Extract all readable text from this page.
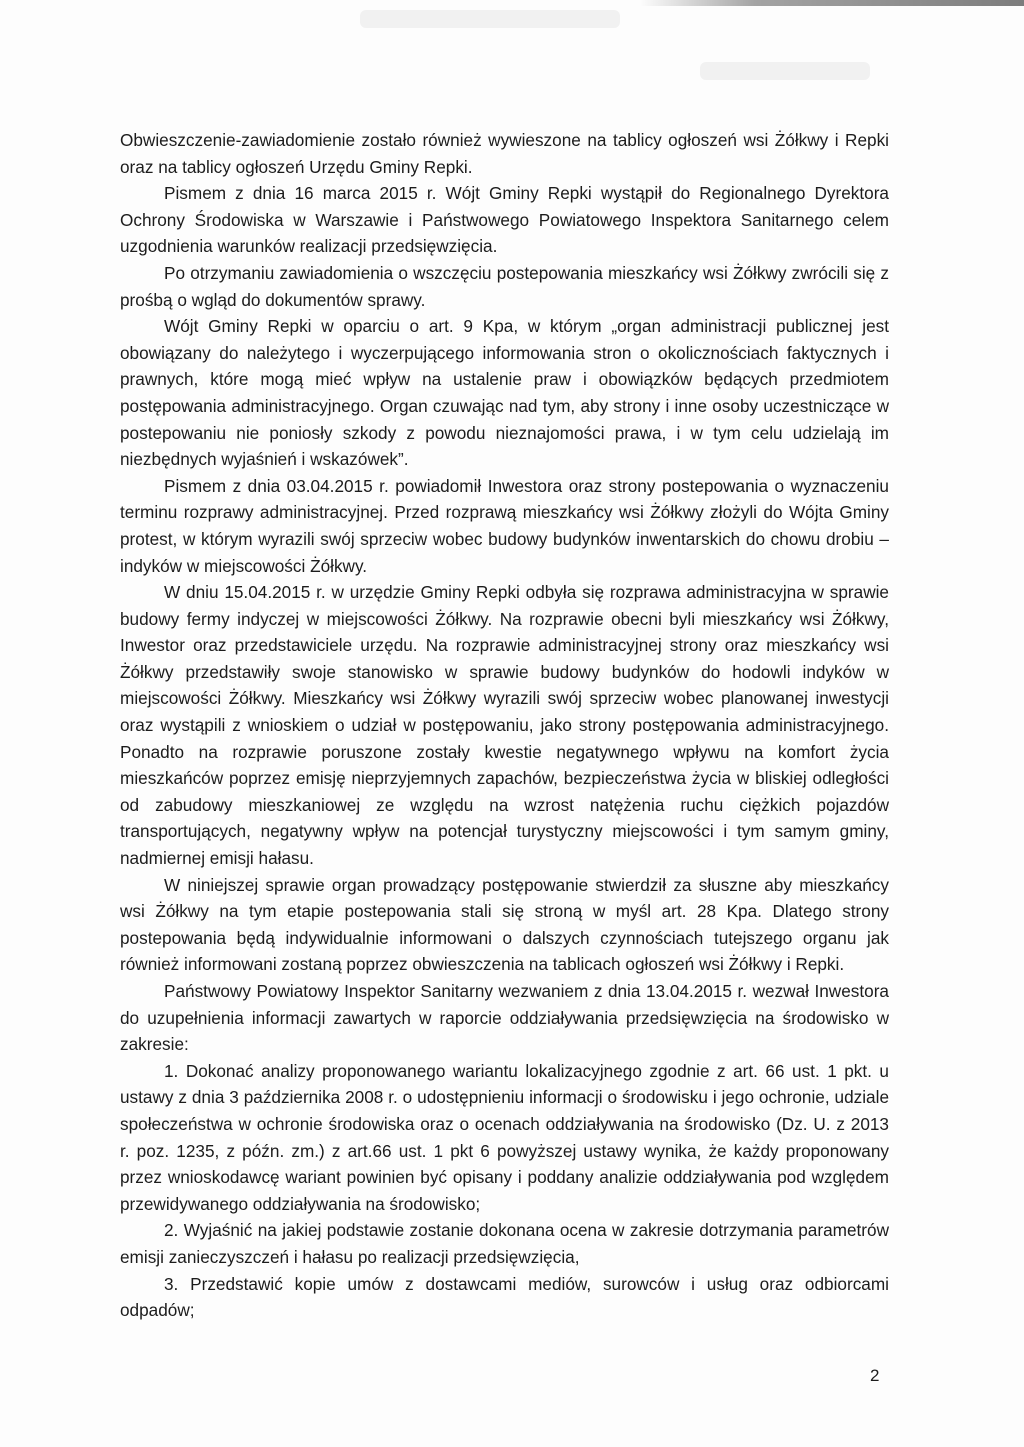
Obwieszczenie-zawiadomienie zostało również wywieszone na tablicy ogłoszeń wsi Żółkwy i Repki oraz na tablicy ogłoszeń Urzędu Gminy Repki.

Pismem z dnia 16 marca 2015 r. Wójt Gminy Repki wystąpił do Regionalnego Dyrektora Ochrony Środowiska w Warszawie i Państwowego Powiatowego Inspektora Sanitarnego celem uzgodnienia warunków realizacji przedsięwzięcia.

Po otrzymaniu zawiadomienia o wszczęciu postepowania mieszkańcy wsi Żółkwy zwrócili się z prośbą o wgląd do dokumentów sprawy.

Wójt Gminy Repki w oparciu o art. 9 Kpa, w którym „organ administracji publicznej jest obowiązany do należytego i wyczerpującego informowania stron o okolicznościach faktycznych i prawnych, które mogą mieć wpływ na ustalenie praw i obowiązków będących przedmiotem postępowania administracyjnego. Organ czuwając nad tym, aby strony i inne osoby uczestniczące w postepowaniu nie poniosły szkody z powodu nieznajomości prawa, i w tym celu udzielają im niezbędnych wyjaśnień i wskazówek”.

Pismem z dnia 03.04.2015 r. powiadomił Inwestora oraz strony postepowania o wyznaczeniu terminu rozprawy administracyjnej. Przed rozprawą mieszkańcy wsi Żółkwy złożyli do Wójta Gminy protest, w którym wyrazili swój sprzeciw wobec budowy budynków inwentarskich do chowu drobiu – indyków w miejscowości Żółkwy.

W dniu 15.04.2015 r. w urzędzie Gminy Repki odbyła się rozprawa administracyjna w sprawie budowy fermy indyczej w miejscowości Żółkwy. Na rozprawie obecni byli mieszkańcy wsi Żółkwy, Inwestor oraz przedstawiciele urzędu. Na rozprawie administracyjnej strony oraz mieszkańcy wsi Żółkwy przedstawiły swoje stanowisko w sprawie budowy budynków do hodowli indyków w miejscowości Żółkwy. Mieszkańcy wsi Żółkwy wyrazili swój sprzeciw wobec planowanej inwestycji oraz wystąpili z wnioskiem o udział w postępowaniu, jako strony postępowania administracyjnego. Ponadto na rozprawie poruszone zostały kwestie negatywnego wpływu na komfort życia mieszkańców poprzez emisję nieprzyjemnych zapachów, bezpieczeństwa życia w bliskiej odległości od zabudowy mieszkaniowej ze względu na wzrost natężenia ruchu ciężkich pojazdów transportujących, negatywny wpływ na potencjał turystyczny miejscowości i tym samym gminy, nadmiernej emisji hałasu.

W niniejszej sprawie organ prowadzący postępowanie stwierdził za słuszne aby mieszkańcy wsi Żółkwy na tym etapie postepowania stali się stroną w myśl art. 28 Kpa. Dlatego strony postepowania będą indywidualnie informowani o dalszych czynnościach tutejszego organu jak również informowani zostaną poprzez obwieszczenia na tablicach ogłoszeń wsi Żółkwy i Repki.

Państwowy Powiatowy Inspektor Sanitarny wezwaniem z dnia 13.04.2015 r. wezwał Inwestora do uzupełnienia informacji zawartych w raporcie oddziaływania przedsięwzięcia na środowisko w zakresie:

1. Dokonać analizy proponowanego wariantu lokalizacyjnego zgodnie z art. 66 ust. 1 pkt. u ustawy z dnia 3 października 2008 r. o udostępnieniu informacji o środowisku i jego ochronie, udziale społeczeństwa w ochronie środowiska oraz o ocenach oddziaływania na środowisko (Dz. U. z 2013 r. poz. 1235, z późn. zm.) z art.66 ust. 1 pkt 6 powyższej ustawy wynika, że każdy proponowany przez wnioskodawcę wariant powinien być opisany i poddany analizie oddziaływania pod względem przewidywanego oddziaływania na środowisko;

2. Wyjaśnić na jakiej podstawie zostanie dokonana ocena w zakresie dotrzymania parametrów emisji zanieczyszczeń i hałasu po realizacji przedsięwzięcia,

3. Przedstawić kopie umów z dostawcami mediów, surowców i usług oraz odbiorcami odpadów;

2
